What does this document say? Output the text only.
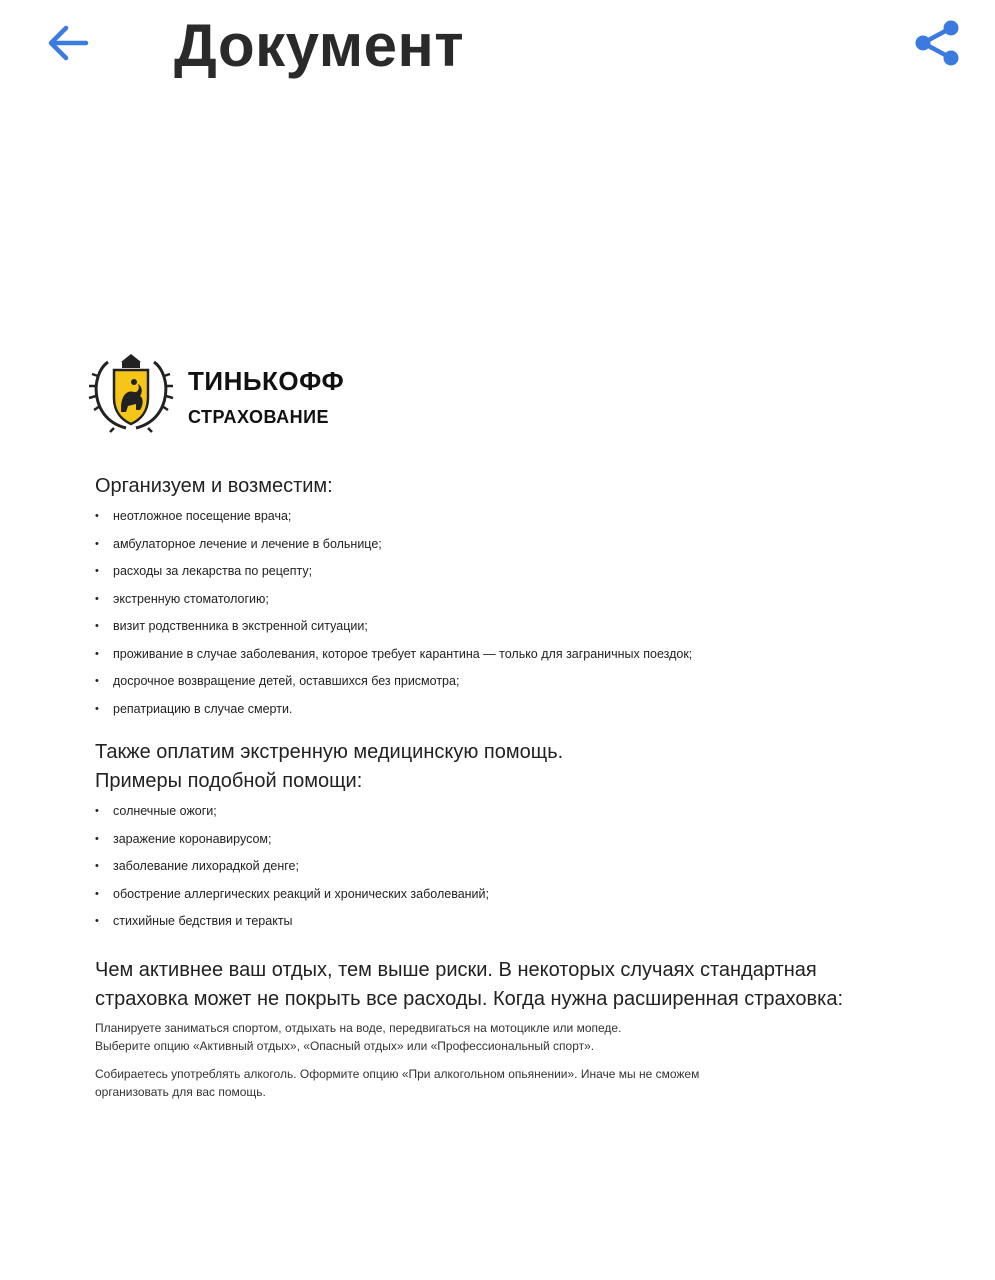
Документ
ТИНЬКОФФ
СТРАХОВАНИЕ
Организуем и возместим:
• неотложное посещение врача;
• амбулаторное лечение и лечение в больнице;
• расходы за лекарства по рецепту;
• экстренную стоматологию;
• визит родственника в экстренной ситуации;
• проживание в случае заболевания, которое требует карантина — только для заграничных поездок;
• досрочное возвращение детей, оставшихся без присмотра;
• репатриацию в случае смерти.
Также оплатим экстренную медицинскую помощь.
Примеры подобной помощи:
• солнечные ожоги;
• заражение коронавирусом;
• заболевание лихорадкой денге;
• обострение аллергических реакций и хронических заболеваний;
• стихийные бедствия и теракты
Чем активнее ваш отдых, тем выше риски. В некоторых случаях стандартная
страховка может не покрыть все расходы. Когда нужна расширенная страховка:

Планируете заниматься спортом, отдыхать на воде, передвигаться на мотоцикле или мопеде.

Выберите опцию «Активный отдых», «Опасный отдых» или «Профессиональный спорт».

Собираетесь употреблять алкоголь. Оформите опцию «При алкогольном опьянении». Иначе мы не сможем

организовать для вас помощь.
